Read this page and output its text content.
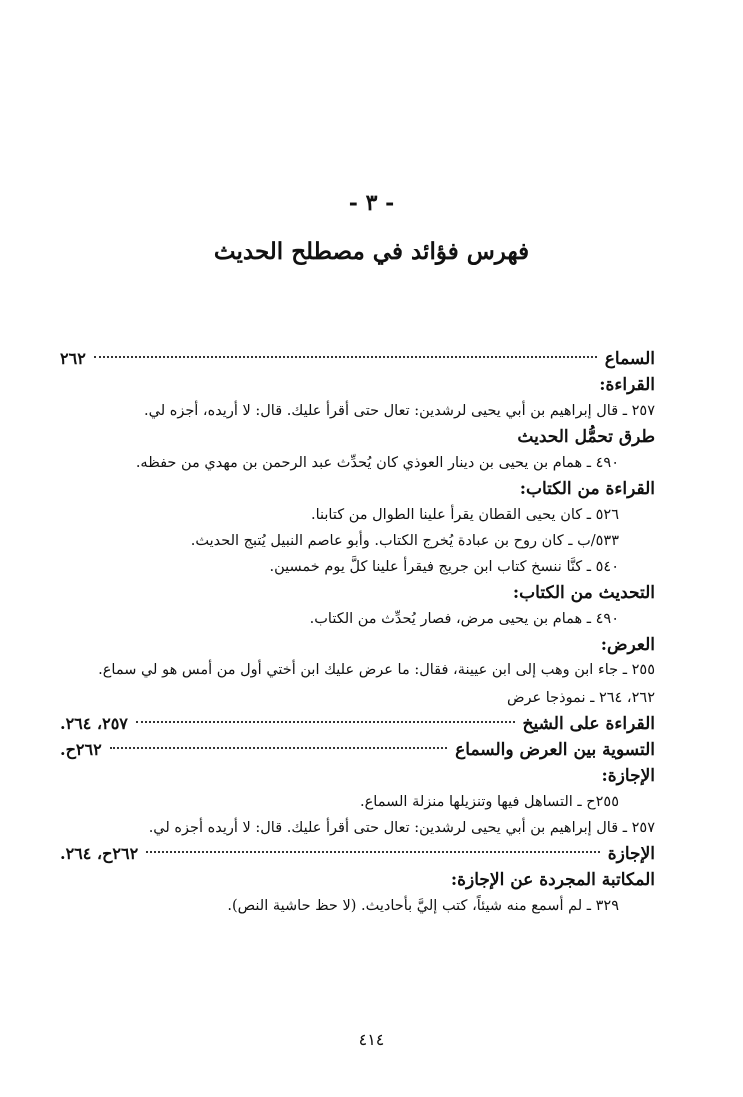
- ٣ -
فهرس فؤائد في مصطلح الحديث
السماع
٢٦٢
القراءة:
٢٥٧ ـ قال إبراهيم بن أبي يحيى لرشدين: تعال حتى أقرأ عليك. قال: لا أريده، أجزه لي.
طرق تحمُّل الحديث
٤٩٠ ـ همام بن يحيى بن دينار العوذي كان يُحدِّث عبد الرحمن بن مهدي من حفظه.
القراءة من الكتاب:
٥٢٦ ـ كان يحيى القطان يقرأ علينا الطوال من كتابنا.
٥٣٣/ب ـ كان روح بن عبادة يُخرج الكتاب. وأبو عاصم النبيل يُتبج الحديث.
٥٤٠ ـ كنَّا ننسخ كتاب ابن جريج فيقرأ علينا كلَّ يوم خمسين.
التحديث من الكتاب:
٤٩٠ ـ همام بن يحيى مرض، فصار يُحدِّث من الكتاب.
العرض:
٢٥٥ ـ جاء ابن وهب إلى ابن عيينة، فقال: ما عرض عليك ابن أختي أول من أمس هو لي سماع.
٢٦٢، ٢٦٤ ـ نموذجا عرض
القراءة على الشيخ
٢٥٧، ٢٦٤.
التسوية بين العرض والسماع
٢٦٢ح.
الإجازة:
٢٥٥ح ـ التساهل فيها وتنزيلها منزلة السماع.
٢٥٧ ـ قال إبراهيم بن أبي يحيى لرشدين: تعال حتى أقرأ عليك. قال: لا أريده أجزه لي.
الإجازة
٢٦٢ح، ٢٦٤.
المكاتبة المجردة عن الإجازة:
٣٢٩ ـ لم أسمع منه شيئاً، كتب إليَّ بأحاديث. (لا حظ حاشية النص).
٤١٤
